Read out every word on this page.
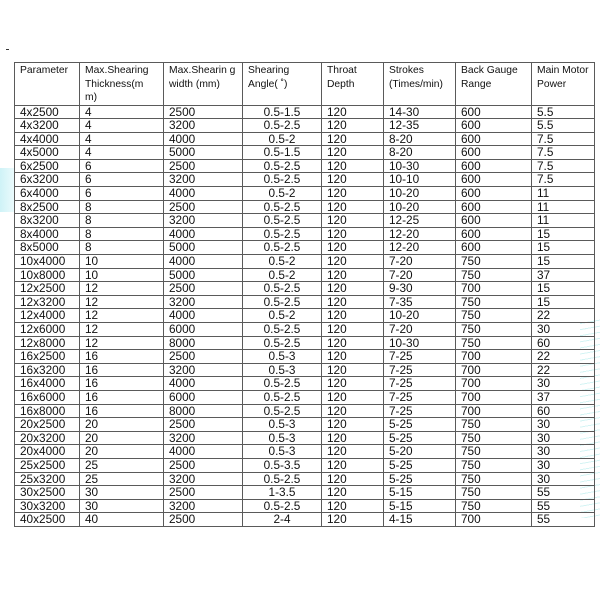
Parameter	Max.Shearing Thickness(m m)	Max.Shearin g width (mm)	Shearing Angle( ˚)	Throat Depth	Strokes (Times/min)	Back Gauge Range	Main Motor Power
4x2500	4	2500	0.5-1.5	120	14-30	600	5.5
4x3200	4	3200	0.5-2.5	120	12-35	600	5.5
4x4000	4	4000	0.5-2	120	8-20	600	7.5
4x5000	4	5000	0.5-1.5	120	8-20	600	7.5
6x2500	6	2500	0.5-2.5	120	10-30	600	7.5
6x3200	6	3200	0.5-2.5	120	10-10	600	7.5
6x4000	6	4000	0.5-2	120	10-20	600	11
8x2500	8	2500	0.5-2.5	120	10-20	600	11
8x3200	8	3200	0.5-2.5	120	12-25	600	11
8x4000	8	4000	0.5-2.5	120	12-20	600	15
8x5000	8	5000	0.5-2.5	120	12-20	600	15
10x4000	10	4000	0.5-2	120	7-20	750	15
10x8000	10	5000	0.5-2	120	7-20	750	37
12x2500	12	2500	0.5-2.5	120	9-30	700	15
12x3200	12	3200	0.5-2.5	120	7-35	750	15
12x4000	12	4000	0.5-2	120	10-20	750	22
12x6000	12	6000	0.5-2.5	120	7-20	750	30
12x8000	12	8000	0.5-2.5	120	10-30	750	60
16x2500	16	2500	0.5-3	120	7-25	700	22
16x3200	16	3200	0.5-3	120	7-25	700	22
16x4000	16	4000	0.5-2.5	120	7-25	700	30
16x6000	16	6000	0.5-2.5	120	7-25	700	37
16x8000	16	8000	0.5-2.5	120	7-25	700	60
20x2500	20	2500	0.5-3	120	5-25	750	30
20x3200	20	3200	0.5-3	120	5-25	750	30
20x4000	20	4000	0.5-3	120	5-20	750	30
25x2500	25	2500	0.5-3.5	120	5-25	750	30
25x3200	25	3200	0.5-2.5	120	5-25	750	30
30x2500	30	2500	1-3.5	120	5-15	750	55
30x3200	30	3200	0.5-2.5	120	5-15	750	55
40x2500	40	2500	2-4	120	4-15	700	55
